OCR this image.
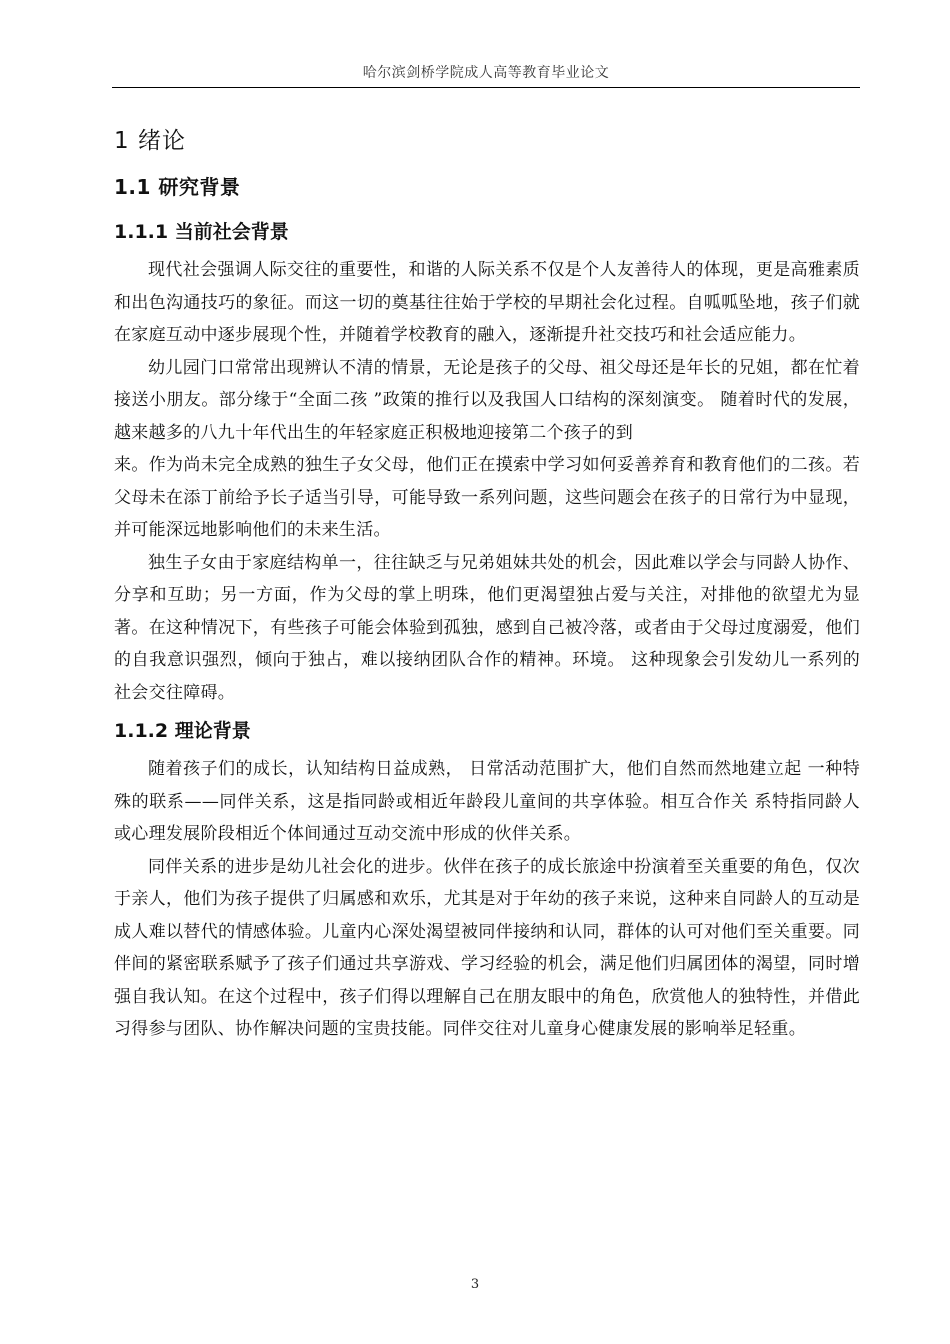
哈尔滨剑桥学院成人高等教育毕业论文
1 绪论
1.1 研究背景
1.1.1 当前社会背景

现代社会强调人际交往的重要性，和谐的人际关系不仅是个人友善待人的体现，更是高雅素质和出色沟通技巧的象征。而这一切的奠基往往始于学校的早期社会化过程。自呱呱坠地，孩子们就在家庭互动中逐步展现个性，并随着学校教育的融入，逐渐提升社交技巧和社会适应能力。

幼儿园门口常常出现辨认不清的情景，无论是孩子的父母、祖父母还是年长的兄姐，都在忙着接送小朋友。部分缘于“全面二孩 ”政策的推行以及我国人口结构的深刻演变。 随着时代的发展，越来越多的八九十年代出生的年轻家庭正积极地迎接第二个孩子的到

来。作为尚未完全成熟的独生子女父母，他们正在摸索中学习如何妥善养育和教育他们的二孩。若父母未在添丁前给予长子适当引导，可能导致一系列问题，这些问题会在孩子的日常行为中显现，并可能深远地影响他们的未来生活。

独生子女由于家庭结构单一，往往缺乏与兄弟姐妹共处的机会，因此难以学会与同龄人协作、分享和互助；另一方面，作为父母的掌上明珠，他们更渴望独占爱与关注，对排他的欲望尤为显著。在这种情况下，有些孩子可能会体验到孤独，感到自己被冷落，或者由于父母过度溺爱，他们的自我意识强烈，倾向于独占，难以接纳团队合作的精神。环境。 这种现象会引发幼儿一系列的社会交往障碍。

1.1.2 理论背景

随着孩子们的成长，认知结构日益成熟， 日常活动范围扩大，他们自然而然地建立起 一种特殊的联系——同伴关系，这是指同龄或相近年龄段儿童间的共享体验。相互合作关 系特指同龄人或心理发展阶段相近个体间通过互动交流中形成的伙伴关系。

同伴关系的进步是幼儿社会化的进步。伙伴在孩子的成长旅途中扮演着至关重要的角色，仅次于亲人，他们为孩子提供了归属感和欢乐，尤其是对于年幼的孩子来说，这种来自同龄人的互动是成人难以替代的情感体验。儿童内心深处渴望被同伴接纳和认同，群体的认可对他们至关重要。同伴间的紧密联系赋予了孩子们通过共享游戏、学习经验的机会，满足他们归属团体的渴望，同时增强自我认知。在这个过程中，孩子们得以理解自己在朋友眼中的角色，欣赏他人的独特性，并借此习得参与团队、协作解决问题的宝贵技能。同伴交往对儿童身心健康发展的影响举足轻重。

3
